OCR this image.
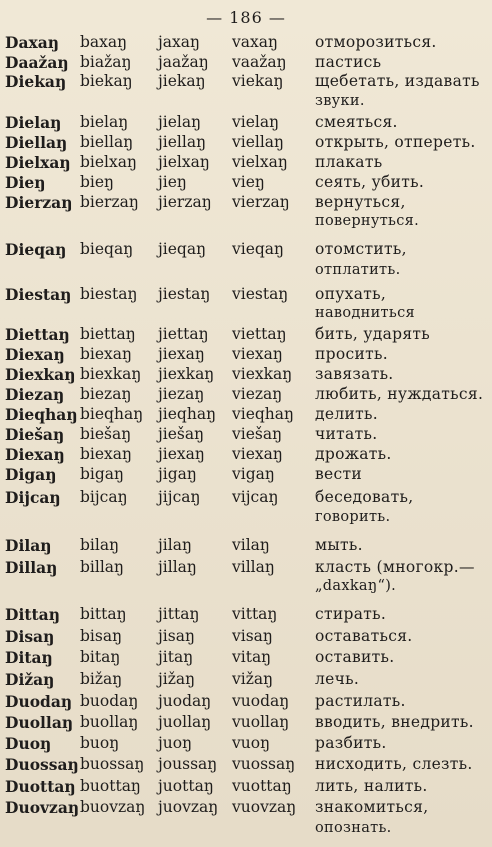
— 186 —
Daxaŋ baxaŋ jaxaŋ vaxaŋ отморозиться.
Daažaŋ biažaŋ jaažaŋ vaažaŋ пастись
Diekaŋ biekaŋ jiekaŋ viekaŋ щебетать, издавать
звуки.
Dielaŋ bielaŋ jielaŋ vielaŋ смеяться.
Diellaŋ biellaŋ jiellaŋ viellaŋ открыть, отпереть.
Dielxaŋ bielxaŋ jielxaŋ vielxaŋ плакать
Dieŋ bieŋ	jieŋ	vieŋ	сеять, убить.
Dierzaŋ bierzaŋ jierzaŋ vierzaŋ вернуться,
повернуться.
Dieqaŋ bieqaŋ jieqaŋ vieqaŋ отомстить,
отплатить.
Diestaŋ biestaŋ jiestaŋ viestaŋ опухать,
наводниться
Diettaŋ biettaŋ jiettaŋ viettaŋ бить, ударять
Diexaŋ biexaŋ jiexaŋ viexaŋ просить.
Diexkaŋ biexkaŋ jiexkaŋ viexkaŋ завязать.
Diezaŋ biezaŋ jiezaŋ viezaŋ любить, нуждаться.
Dieqhaŋ bieqhaŋ jieqhaŋ vieqhaŋ делить.
Diešaŋ biešaŋ jiešaŋ viešaŋ читать.
Diexaŋ biexaŋ jiexaŋ viexaŋ дрожать.
Digaŋ bigaŋ jigaŋ vigaŋ	вести
Dijcaŋ bijcaŋ jijcaŋ vijcaŋ беседовать,
говорить.
Dilaŋ bilaŋ	jilaŋ	vilaŋ	мыть.
Dillaŋ billaŋ jillaŋ villaŋ	класть (многокр.—
„daxkaŋ“).
Dittaŋ bittaŋ jittaŋ vittaŋ стирать.
Disaŋ bisaŋ jisaŋ visaŋ	оставаться.
Ditaŋ bitaŋ jitaŋ	vitaŋ	оставить.
Dižaŋ bižaŋ jižaŋ vižaŋ	лечь.
Duodaŋ buodaŋ juodaŋ vuodaŋ растилать.
Duollaŋ buollaŋ juollaŋ vuollaŋ вводить, внедрить.
Duoŋ buoŋ	juoŋ	vuoŋ	разбить.
Duossaŋ buossaŋ joussaŋ vuossaŋ нисходить, слезть.
Duottaŋ buottaŋ juottaŋ vuottaŋ лить, налить.
Duovzaŋ buovzaŋ juovzaŋ vuovzaŋ знакомиться,
опознать.
